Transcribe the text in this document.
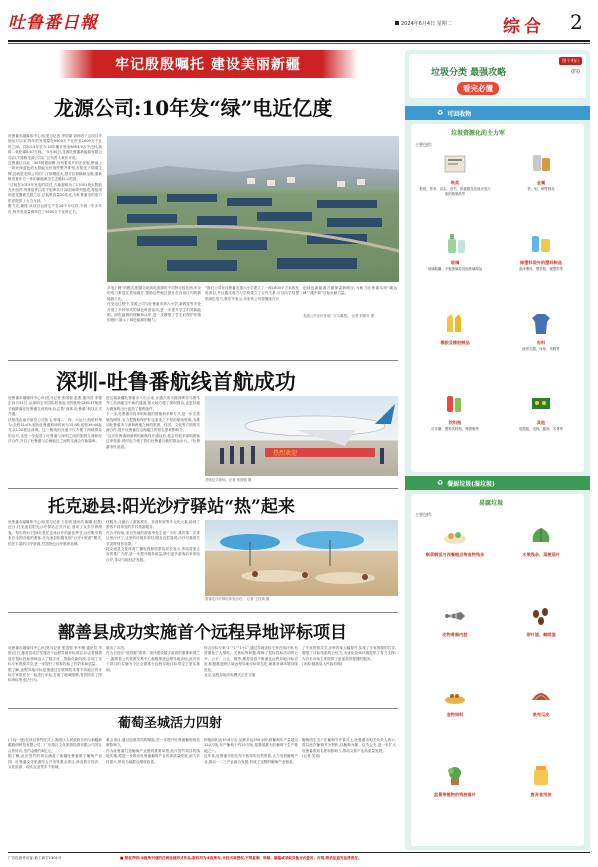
吐鲁番日報	2024年6月4日 星期二	综合 2
牢记殷殷嘱托 建设美丽新疆
龙源公司:10年发“绿”电近亿度
吐鲁番市融媒体中心讯(见习记者 李国斌 刘师乔)“这项目开始运行以来,每年的发电量在9500万千瓦时至1000万千瓦时之间。自2013年至今,10年累计发电9893.9万千瓦时,减排二氧化碳8.67万吨。”5月30日,龙源吐鲁番新能源有限公司(以下简称龙源公司)厂区负责人黄东平说。
在鲁番区以北、303国道南侧,分布着成片的光伏板,错落上一块块深蓝色的太阳能光伏组件整齐排列,在阳光下熠熠生辉,这就是龙源公司的厂区规模庞大,按方位和横纵全貌,重新焕发着东方一体的新能源全生态链标示范园。
“这间在2013年发电的项目,占地面积为了17001块太阳能光伏组件,每排组件由若干组串共计20组串阵列组成,每组串的逆变器被关联之后,总装机容量20兆瓦,为吐鲁番市的电力供应提供了大力支持。”
聚力完,最终,该项目运营生产在28个月以后,不到一年多年后,每年发电量维持在了9500万千瓦时左右。
多电上网”的模式,根据各地风电资源的不同特点按比例,多余的电力都送往其他地方,帮助这些地区提升在自治区内的新能源占比。
在发电过程中,龙源公司与吐鲁番市第六小学,新教室等多处开展了多种形式的绿色科普活动,进一步提升学生们对新能源、绿色能源的理解和认识,进一步增强了学生们保护环境的意识,展示了绿色能源的魅力。
“我们公司在吐鲁番市第六小学建立了一座1800平方米的发电项目,并且通过电力与学校建立了合作关系,可以向学校提供绿色电力,黄东平表示,未来该公司将继续在开
创绿色新能源方面探索新路径,为助力吐鲁番实现“碳达峰”“碳中和”目标贡献力量。
龙源公司光伏发电厂区鸟瞰图。 记者 刘师乔 摄
深圳-吐鲁番航线首航成功
吐鲁番市融媒体中心讯(见习记者 张国强 赵燕 通讯员 李德正)5月31日,从深圳宝安国际机场起飞的航班CZ6137航班平稳降落在吐鲁番交河机场,标志着“深圳-吐鲁番”航线正式开通。
该航线由南方航空公司执飞,每周二、四、六运行,航班时刻为:去程11:05,到达吐鲁番机场时间为15:40;返程16:40起飞,21:20抵达深圳。这一航线的开通不仅方便了两地群众的出行,还进一步促进了吐鲁番与深圳之间的旅游交流和经济合作,开启了吐鲁番与沿海地区之间的交流合作新篇章。
进区域新疆吐鲁番市入出示来,开通次成为继深圳至乌鲁木齐之后两地空中新的通道,极大地方便了深圳群众,也更好地为游客的出行创造了便利条件。
下一步,吐鲁番市将采取积极的措施和多种方式,进一步完善航线网络,全力把握和保护好这条来之不易的航线资源,为推动吐鲁番市与深圳两地之间的旅游、经济、文化等方面的交流合作,提升吐鲁番在沿海地区的知名度和影响力。
“这次吐鲁番到深圳的新航线开通以后,将会有很多深圳游客过来旅游,同时也方便了我们吐鲁番当地的群众出行。”吐鲁番市民说道。
热烈欢迎
首航仪式现场。记者 张国强 摄
托克逊县:阳光沙疗驿站“热”起来
吐鲁番市融媒体中心讯(见习记者 王佳婧 通讯员 陈娜 赵燕)近日,托克逊县阳光沙疗驿站正式开业,迎来了众多疗养游客。每年的5月至8月是托克逊沙疗的最佳季节,沙疗吸引着来自全国各地的游客,托克逊县积极发展“沙疗+旅游”模式,依托丰富的沙疗资源,打造特色沙疗康养品牌。
疗服务,还融合了游客观光、美食民宿等多元化元素,给到了游客不同体验的乡村旅游服务。
在沙疗现场,来自外地的游客李先生说:“今年,我们第二次来这里沙疗了,这里的环境非常好,服务也很周到,沙疗对我的关节炎特别有效果。”
托克逊县文化体育广播电视和旅游局局长表示,该局将加大宣传推广力度,进一步提升服务质量,吸引更多游客前来体验沙疗,带动当地经济发展。
游客在沙疗驿站体验沙疗。 记者 王佳婧 摄
鄯善县成功实施首个远程异地评标项目
吐鲁番市融媒体中心讯(见习记者 张国强 李冬梅 通讯员 李婷)近日,鄯善县成功实施首个远程异地评标项目,标志着鄯善县在招标投标领域迈入了数字化、智能化新阶段,实现了评标专家资源共享,进一步提升了招标投标工作效率和质量。
据了解,远程异地评标是指通过互联网技术将不同地区的评标专家组织在一起进行评标,打破了地域限制,有效防范了围标串标等违法行为。
做出了示范。
作为自治区“放管服”改革、加快建设数字政府的重要举措之一,鄯善县公共资源交易中心积极推进远程异地评标,此次首个项目的实施为今后全面推行远程异地评标奠定了坚实基础。
综合评标专家“1”“1”“1+1”,通过异地评标专家在线评审,有效避免了人情标、关系标等问题,保障了招标投标活动的公开、公平、公正。据悉,鄯善县将不断深化远程异地评标应用,积极推进跨区域远程异地评标常态化,助推营商环境持续优化。
北京,远程异地评标模式正在实施
了专家资源共享,评审效率大幅提升,实现了专家资源的共享,增强了评标结果的公信力,为优化营商环境提供了有力支撑,为各类市场主体提供了更加高效便捷的服务。
(来源:鄯善县人民政府网)
葡萄圣城活力四射
(上接一版)在项目签约仪式上,鄯善区人民政府分别与新疆新疆数码科技有限公司、广东湾区文化旅游投资有限公司签订合作协议,签约金额约6亿元。
据了解,此次签约的项目涵盖了新疆吐鲁番数字葡萄产业园、吐鲁番文化旅游综合开发等重点项目,涉及数字经济、文化旅游、现代农业等多个领域。
重点项目,通过创意类结构赋能,进一步提升吐鲁番葡萄的品牌影响力。
作为吐鲁番打造葡萄产业链的重要举措,此次签约项目的落地实施,将进一步推动吐鲁番葡萄产业的高质量发展,助力乡村振兴,带动当地群众增收致富。
种植面积达35.6万亩,品种多达550余种,鲜葡萄年产量超过120万吨,年产葡萄干约25万吨,是我国最大的葡萄干生产基地之一。
近年来,吐鲁番市依托得天独厚的自然资源,大力发展葡萄产业,推动一二三产业融合发展,形成了完整的葡萄产业链条。
葡萄园生态!”在葡萄节开幕式上,吐鲁番市相关负责人表示,将以此次葡萄节为契机,以葡萄为媒、以节会友,进一步扩大吐鲁番的知名度和影响力,推动文旅产业高质量发展。
(记者 吴铭)
图个明白
(四)
垃圾分类 最强攻略
看完必懂
♻ 可回收物
垃圾资源化的主力军
主要包括:
纸类
报纸、传单、杂志、旧书、纸板箱及其他未受污染的纸制品等
金属
铁、铝、铜等制品
玻璃
玻璃瓶罐、平板玻璃及其他玻璃制品
除塑料袋外的塑料制品
泡沫塑料、塑料瓶、硬塑料等
橡胶及橡胶制品	布料
废弃衣服、床单、布鞋等
饮料瓶
可乐罐、塑料饮料瓶、啤酒瓶等
其他
电路板、电线、插座、木材等
♻ 餐厨垃圾(湿垃圾)
易腐垃圾
主要包括:
剩菜剩饭与西餐糕点等食物残余	水果残余、菜梗菜叶
动物骨骼内脏	茶叶渣、咖啡渣
宠物饲料	果壳瓜皮
盆景等植物的残枝落叶	废弃食用油
广告经营许可证:新工商字1301号	■ 版权声明:本报所刊登的任何原创形式作品,版权均为本报所有,未经书面授权,不得复制、转载、摘编或采取其他方式使用。否则,将依法追究法律责任。
